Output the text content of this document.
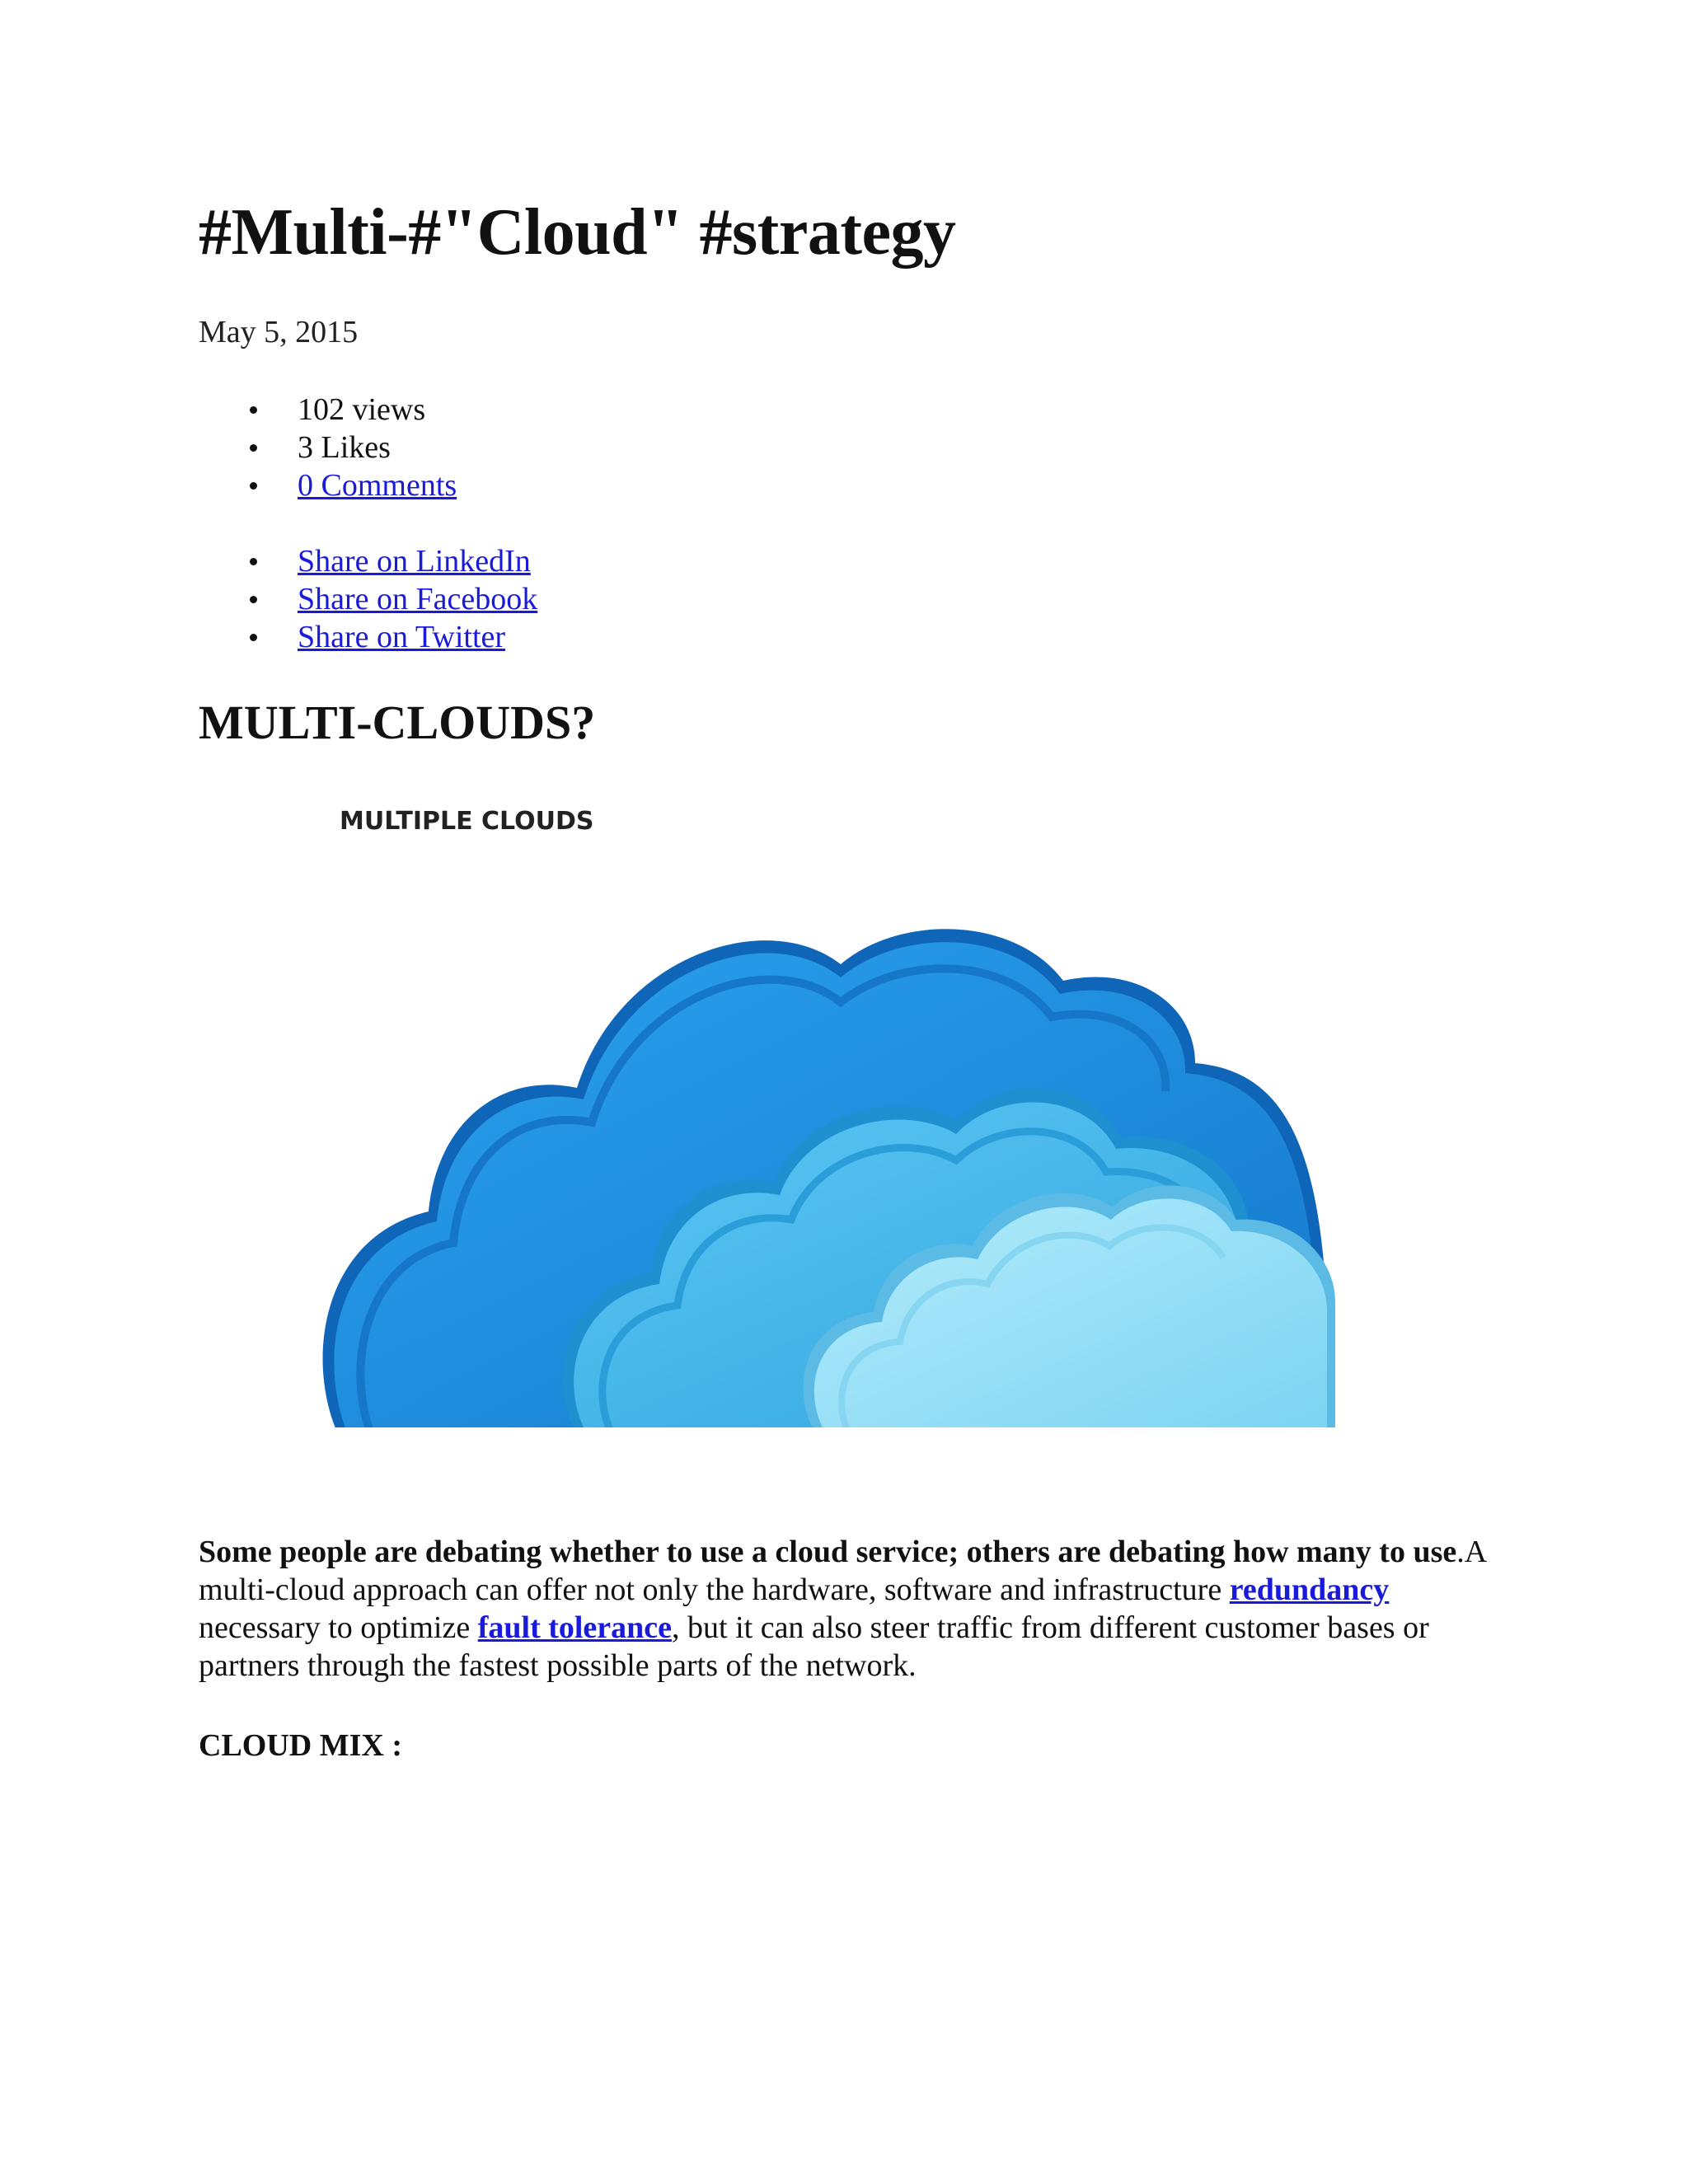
#Multi-#"Cloud" #strategy
May 5, 2015
102 views
3 Likes
0 Comments
Share on LinkedIn
Share on Facebook
Share on Twitter
MULTI-CLOUDS?
MULTIPLE CLOUDS

Some people are debating whether to use a cloud service; others are debating how many to use.A multi-cloud approach can offer not only the hardware, software and infrastructure redundancy necessary to optimize fault tolerance, but it can also steer traffic from different customer bases or partners through the fastest possible parts of the network.

CLOUD MIX :
